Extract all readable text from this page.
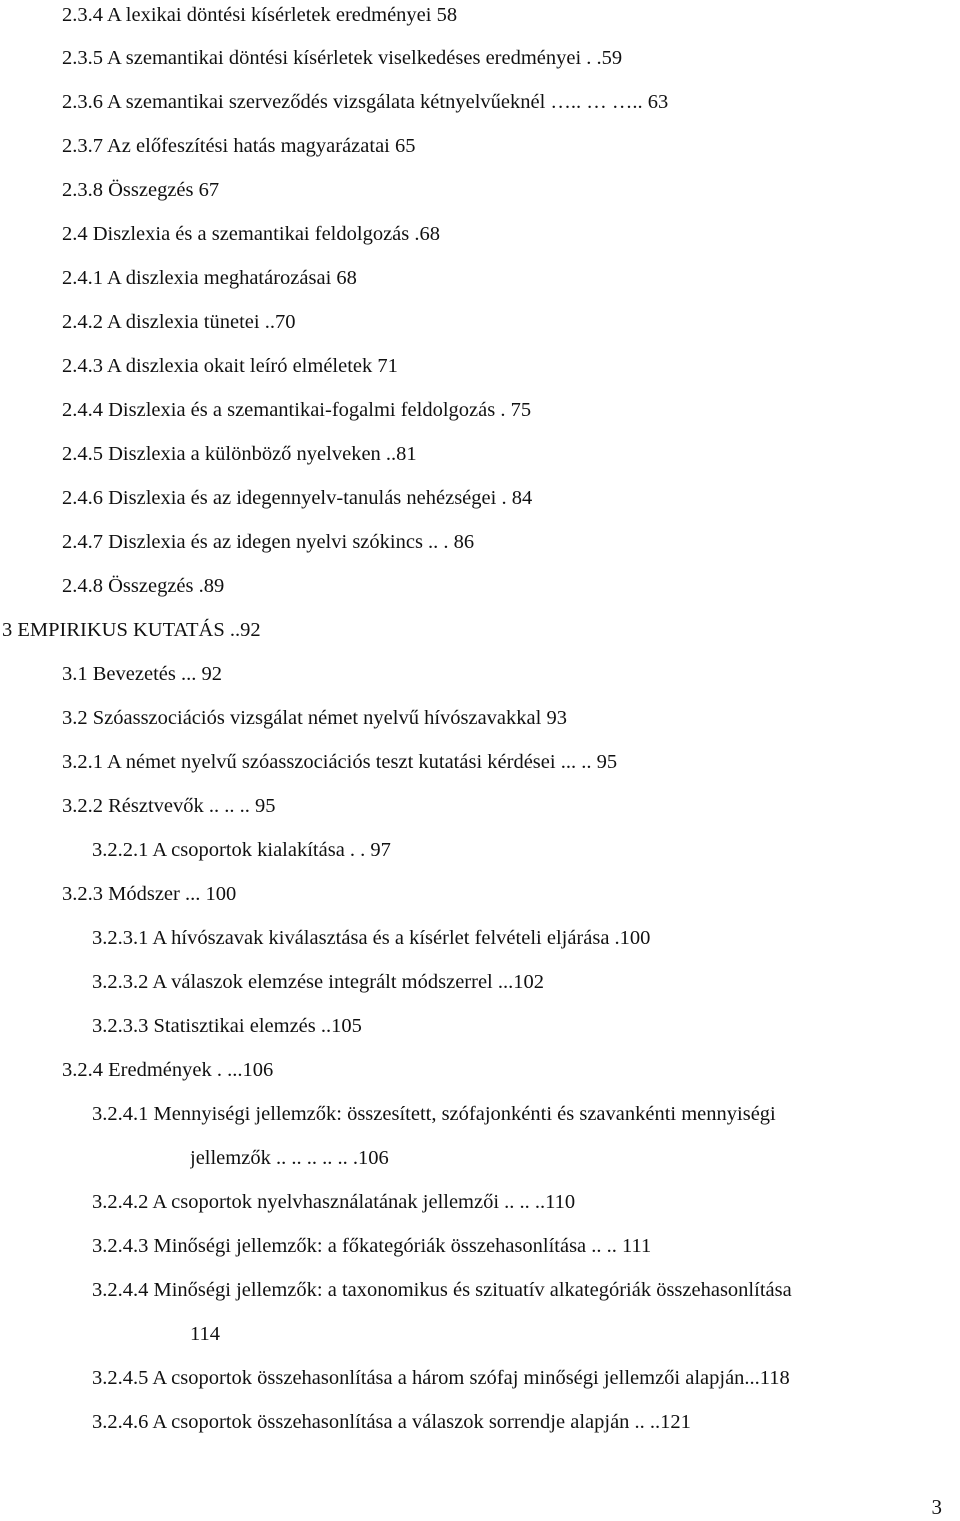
2.3.4 A lexikai döntési kísérletek eredményei 58
2.3.5 A szemantikai döntési kísérletek viselkedéses eredményei . .59
2.3.6 A szemantikai szerveződés vizsgálata kétnyelvűeknél ….. … ….. 63
2.3.7 Az előfeszítési hatás magyarázatai 65
2.3.8 Összegzés 67
2.4 Diszlexia és a szemantikai feldolgozás .68
2.4.1 A diszlexia meghatározásai 68
2.4.2 A diszlexia tünetei ..70
2.4.3 A diszlexia okait leíró elméletek 71
2.4.4 Diszlexia és a szemantikai-fogalmi feldolgozás . 75
2.4.5 Diszlexia a különböző nyelveken ..81
2.4.6 Diszlexia és az idegennyelv-tanulás nehézségei . 84
2.4.7 Diszlexia és az idegen nyelvi szókincs .. . 86
2.4.8 Összegzés .89
3 EMPIRIKUS KUTATÁS ..92
3.1 Bevezetés ... 92
3.2 Szóasszociációs vizsgálat német nyelvű hívószavakkal 93
3.2.1 A német nyelvű szóasszociációs teszt kutatási kérdései ... .. 95
3.2.2 Résztvevők .. .. .. 95
3.2.2.1 A csoportok kialakítása . . 97
3.2.3 Módszer ... 100
3.2.3.1 A hívószavak kiválasztása és a kísérlet felvételi eljárása .100
3.2.3.2 A válaszok elemzése integrált módszerrel ...102
3.2.3.3 Statisztikai elemzés ..105
3.2.4 Eredmények . ...106
3.2.4.1 Mennyiségi jellemzők: összesített, szófajonkénti és szavankénti mennyiségi
jellemzők .. .. .. .. .. .106
3.2.4.2 A csoportok nyelvhasználatának jellemzői .. .. ..110
3.2.4.3 Minőségi jellemzők: a főkategóriák összehasonlítása .. .. 111
3.2.4.4 Minőségi jellemzők: a taxonomikus és szituatív alkategóriák összehasonlítása
114
3.2.4.5 A csoportok összehasonlítása a három szófaj minőségi jellemzői alapján...118
3.2.4.6 A csoportok összehasonlítása a válaszok sorrendje alapján .. ..121
3
